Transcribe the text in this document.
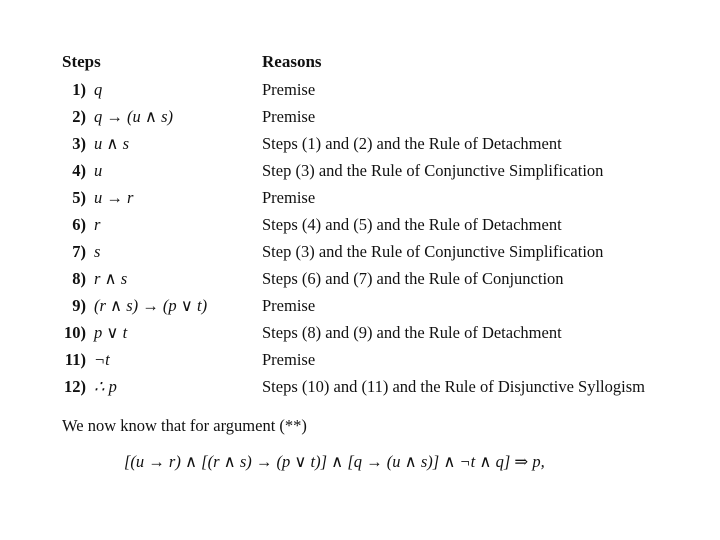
Steps	Reasons
1) q	Premise
2) q → (u ∧ s)	Premise
3) u ∧ s	Steps (1) and (2) and the Rule of Detachment
4) u	Step (3) and the Rule of Conjunctive Simplification
5) u → r	Premise
6) r	Steps (4) and (5) and the Rule of Detachment
7) s	Step (3) and the Rule of Conjunctive Simplification
8) r ∧ s	Steps (6) and (7) and the Rule of Conjunction
9) (r ∧ s) → (p ∨ t)	Premise
10) p ∨ t	Steps (8) and (9) and the Rule of Detachment
11) ¬t	Premise
12) ∴ p	Steps (10) and (11) and the Rule of Disjunctive Syllogism
We now know that for argument (**)
[(u → r) ∧ [(r ∧ s) → (p ∨ t)] ∧ [q → (u ∧ s)] ∧ ¬t ∧ q] ⇒ p,
